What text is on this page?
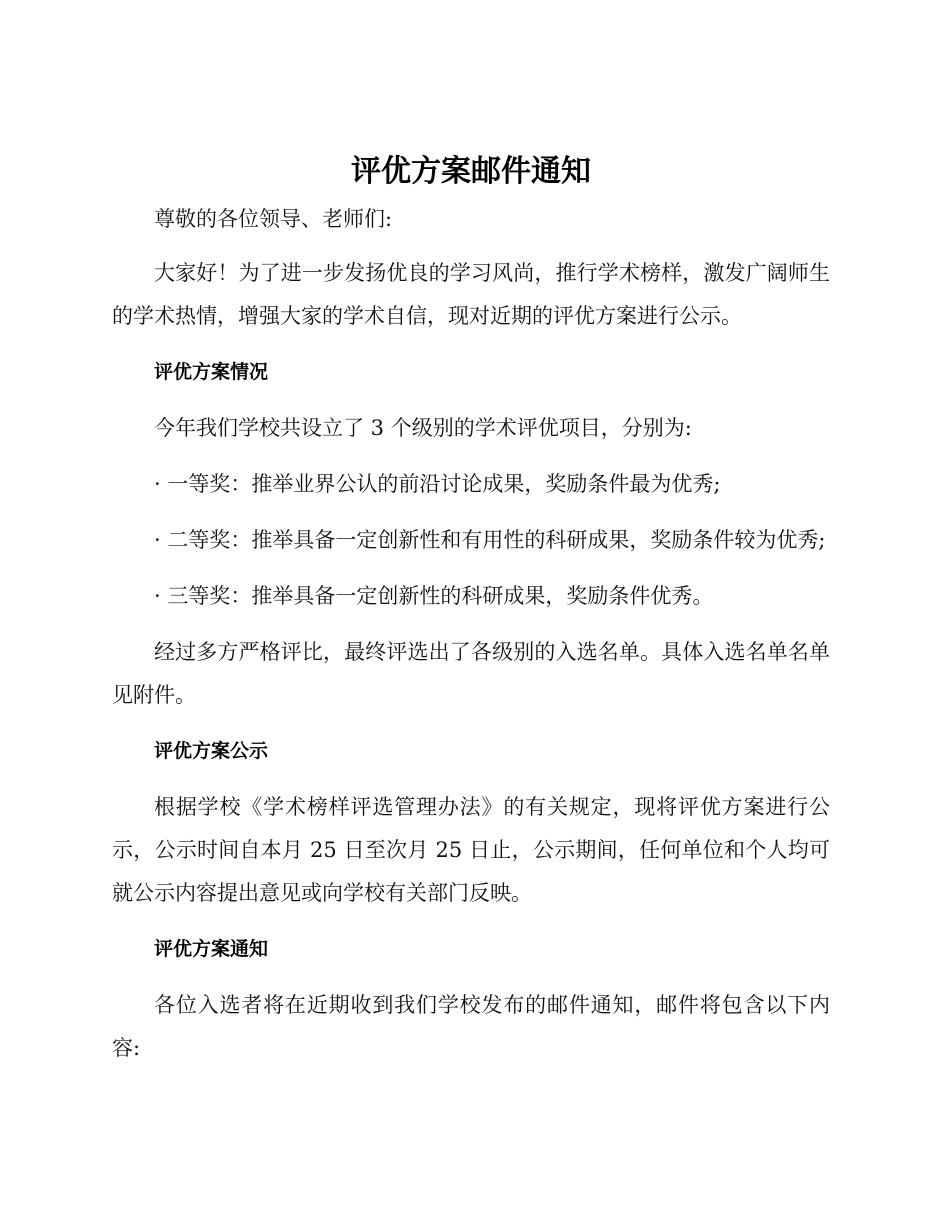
评优方案邮件通知

尊敬的各位领导、老师们:

大家好！为了进一步发扬优良的学习风尚，推行学术榜样，激发广阔师生的学术热情，增强大家的学术自信，现对近期的评优方案进行公示。

评优方案情况

今年我们学校共设立了 3 个级别的学术评优项目，分别为:

· 一等奖：推举业界公认的前沿讨论成果，奖励条件最为优秀;

· 二等奖：推举具备一定创新性和有用性的科研成果，奖励条件较为优秀;

· 三等奖：推举具备一定创新性的科研成果，奖励条件优秀。

经过多方严格评比，最终评选出了各级别的入选名单。具体入选名单名单见附件。

评优方案公示

根据学校《学术榜样评选管理办法》的有关规定，现将评优方案进行公示，公示时间自本月 25 日至次月 25 日止，公示期间，任何单位和个人均可就公示内容提出意见或向学校有关部门反映。

评优方案通知

各位入选者将在近期收到我们学校发布的邮件通知，邮件将包含以下内容:
